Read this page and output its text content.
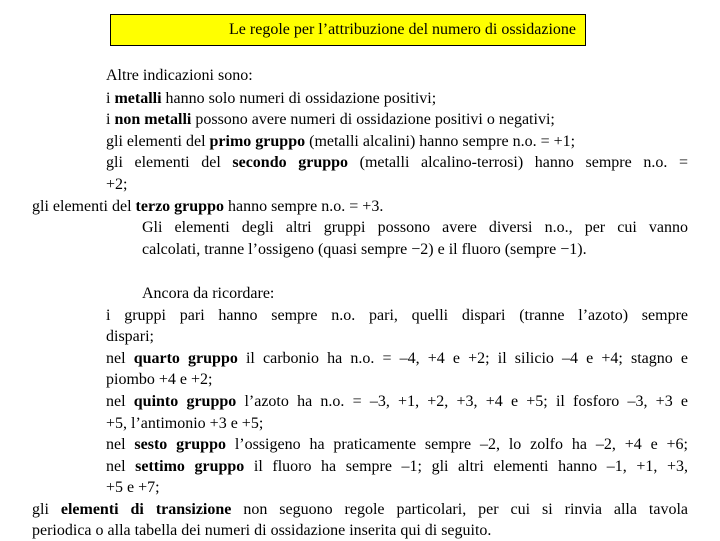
Le regole per l’attribuzione del numero di ossidazione
Altre indicazioni sono:
i metalli hanno solo numeri di ossidazione positivi;
i non metalli possono avere numeri di ossidazione positivi o negativi;
gli elementi del primo gruppo (metalli alcalini) hanno sempre n.o. = +1;
gli elementi del secondo gruppo (metalli alcalino-terrosi) hanno sempre n.o. =
+2;
gli elementi del terzo gruppo hanno sempre n.o. = +3.
Gli elementi degli altri gruppi possono avere diversi n.o., per cui vanno
calcolati, tranne l’ossigeno (quasi sempre −2) e il fluoro (sempre −1).
Ancora da ricordare:
i gruppi pari hanno sempre n.o. pari, quelli dispari (tranne l’azoto) sempre
dispari;
nel quarto gruppo il carbonio ha n.o. = –4, +4 e +2; il silicio –4 e +4; stagno e
piombo +4 e +2;
nel quinto gruppo l’azoto ha n.o. = –3, +1, +2, +3, +4 e +5; il fosforo –3, +3 e
+5, l’antimonio +3 e +5;
nel sesto gruppo l’ossigeno ha praticamente sempre –2, lo zolfo ha –2, +4 e +6;
nel settimo gruppo il fluoro ha sempre –1; gli altri elementi hanno –1, +1, +3,
+5 e +7;
gli elementi di transizione non seguono regole particolari, per cui si rinvia alla tavola
periodica o alla tabella dei numeri di ossidazione inserita qui di seguito.
